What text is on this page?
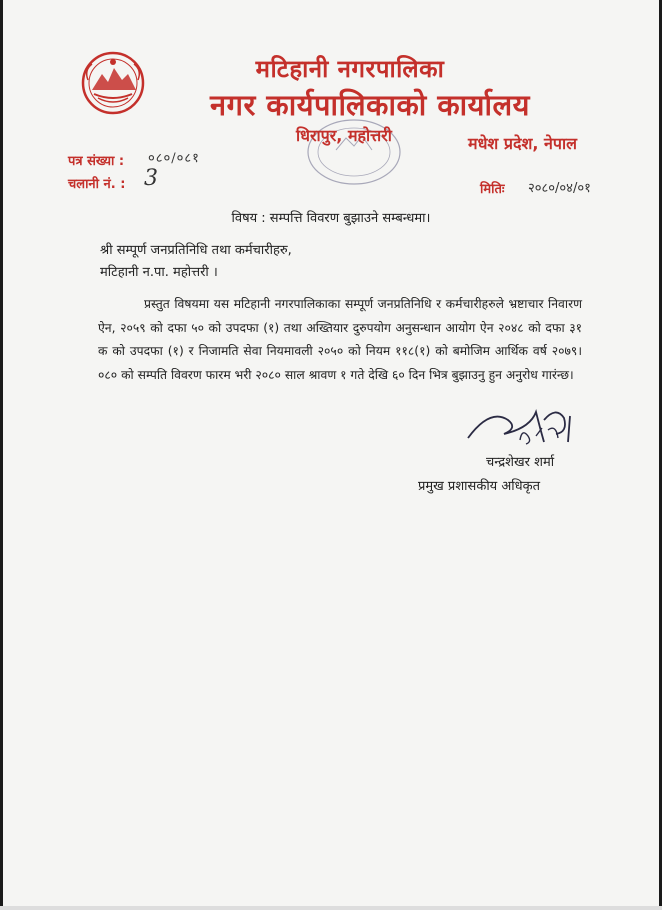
मटिहानी नगरपालिका
नगर कार्यपालिकाको कार्यालय
धिरापुर, महोत्तरी	मधेश प्रदेश, नेपाल
पत्र संख्या : ०८०/०८१
चलानी नं. : 3	मितिः २०८०/०४/०१
विषय : सम्पत्ति विवरण बुझाउने सम्बन्धमा।
श्री सम्पूर्ण जनप्रतिनिधि तथा कर्मचारीहरु,
मटिहानी न.पा. महोत्तरी ।
प्रस्तुत विषयमा यस मटिहानी नगरपालिकाका सम्पूर्ण जनप्रतिनिधि र कर्मचारीहरुले भ्रष्टाचार निवारण ऐन, २०५९ को दफा ५० को उपदफा (१) तथा अख्तियार दुरुपयोग अनुसन्धान आयोग ऐन २०४८ को दफा ३१ क को उपदफा (१) र निजामति सेवा नियमावली २०५० को नियम ११८(१) को बमोजिम आर्थिक वर्ष २०७९।०८० को सम्पति विवरण फारम भरी २०८० साल श्रावण १ गते देखि ६० दिन भित्र बुझाउनु हुन अनुरोध गारंन्छ।
चन्द्रशेखर शर्मा
प्रमुख प्रशासकीय अधिकृत
